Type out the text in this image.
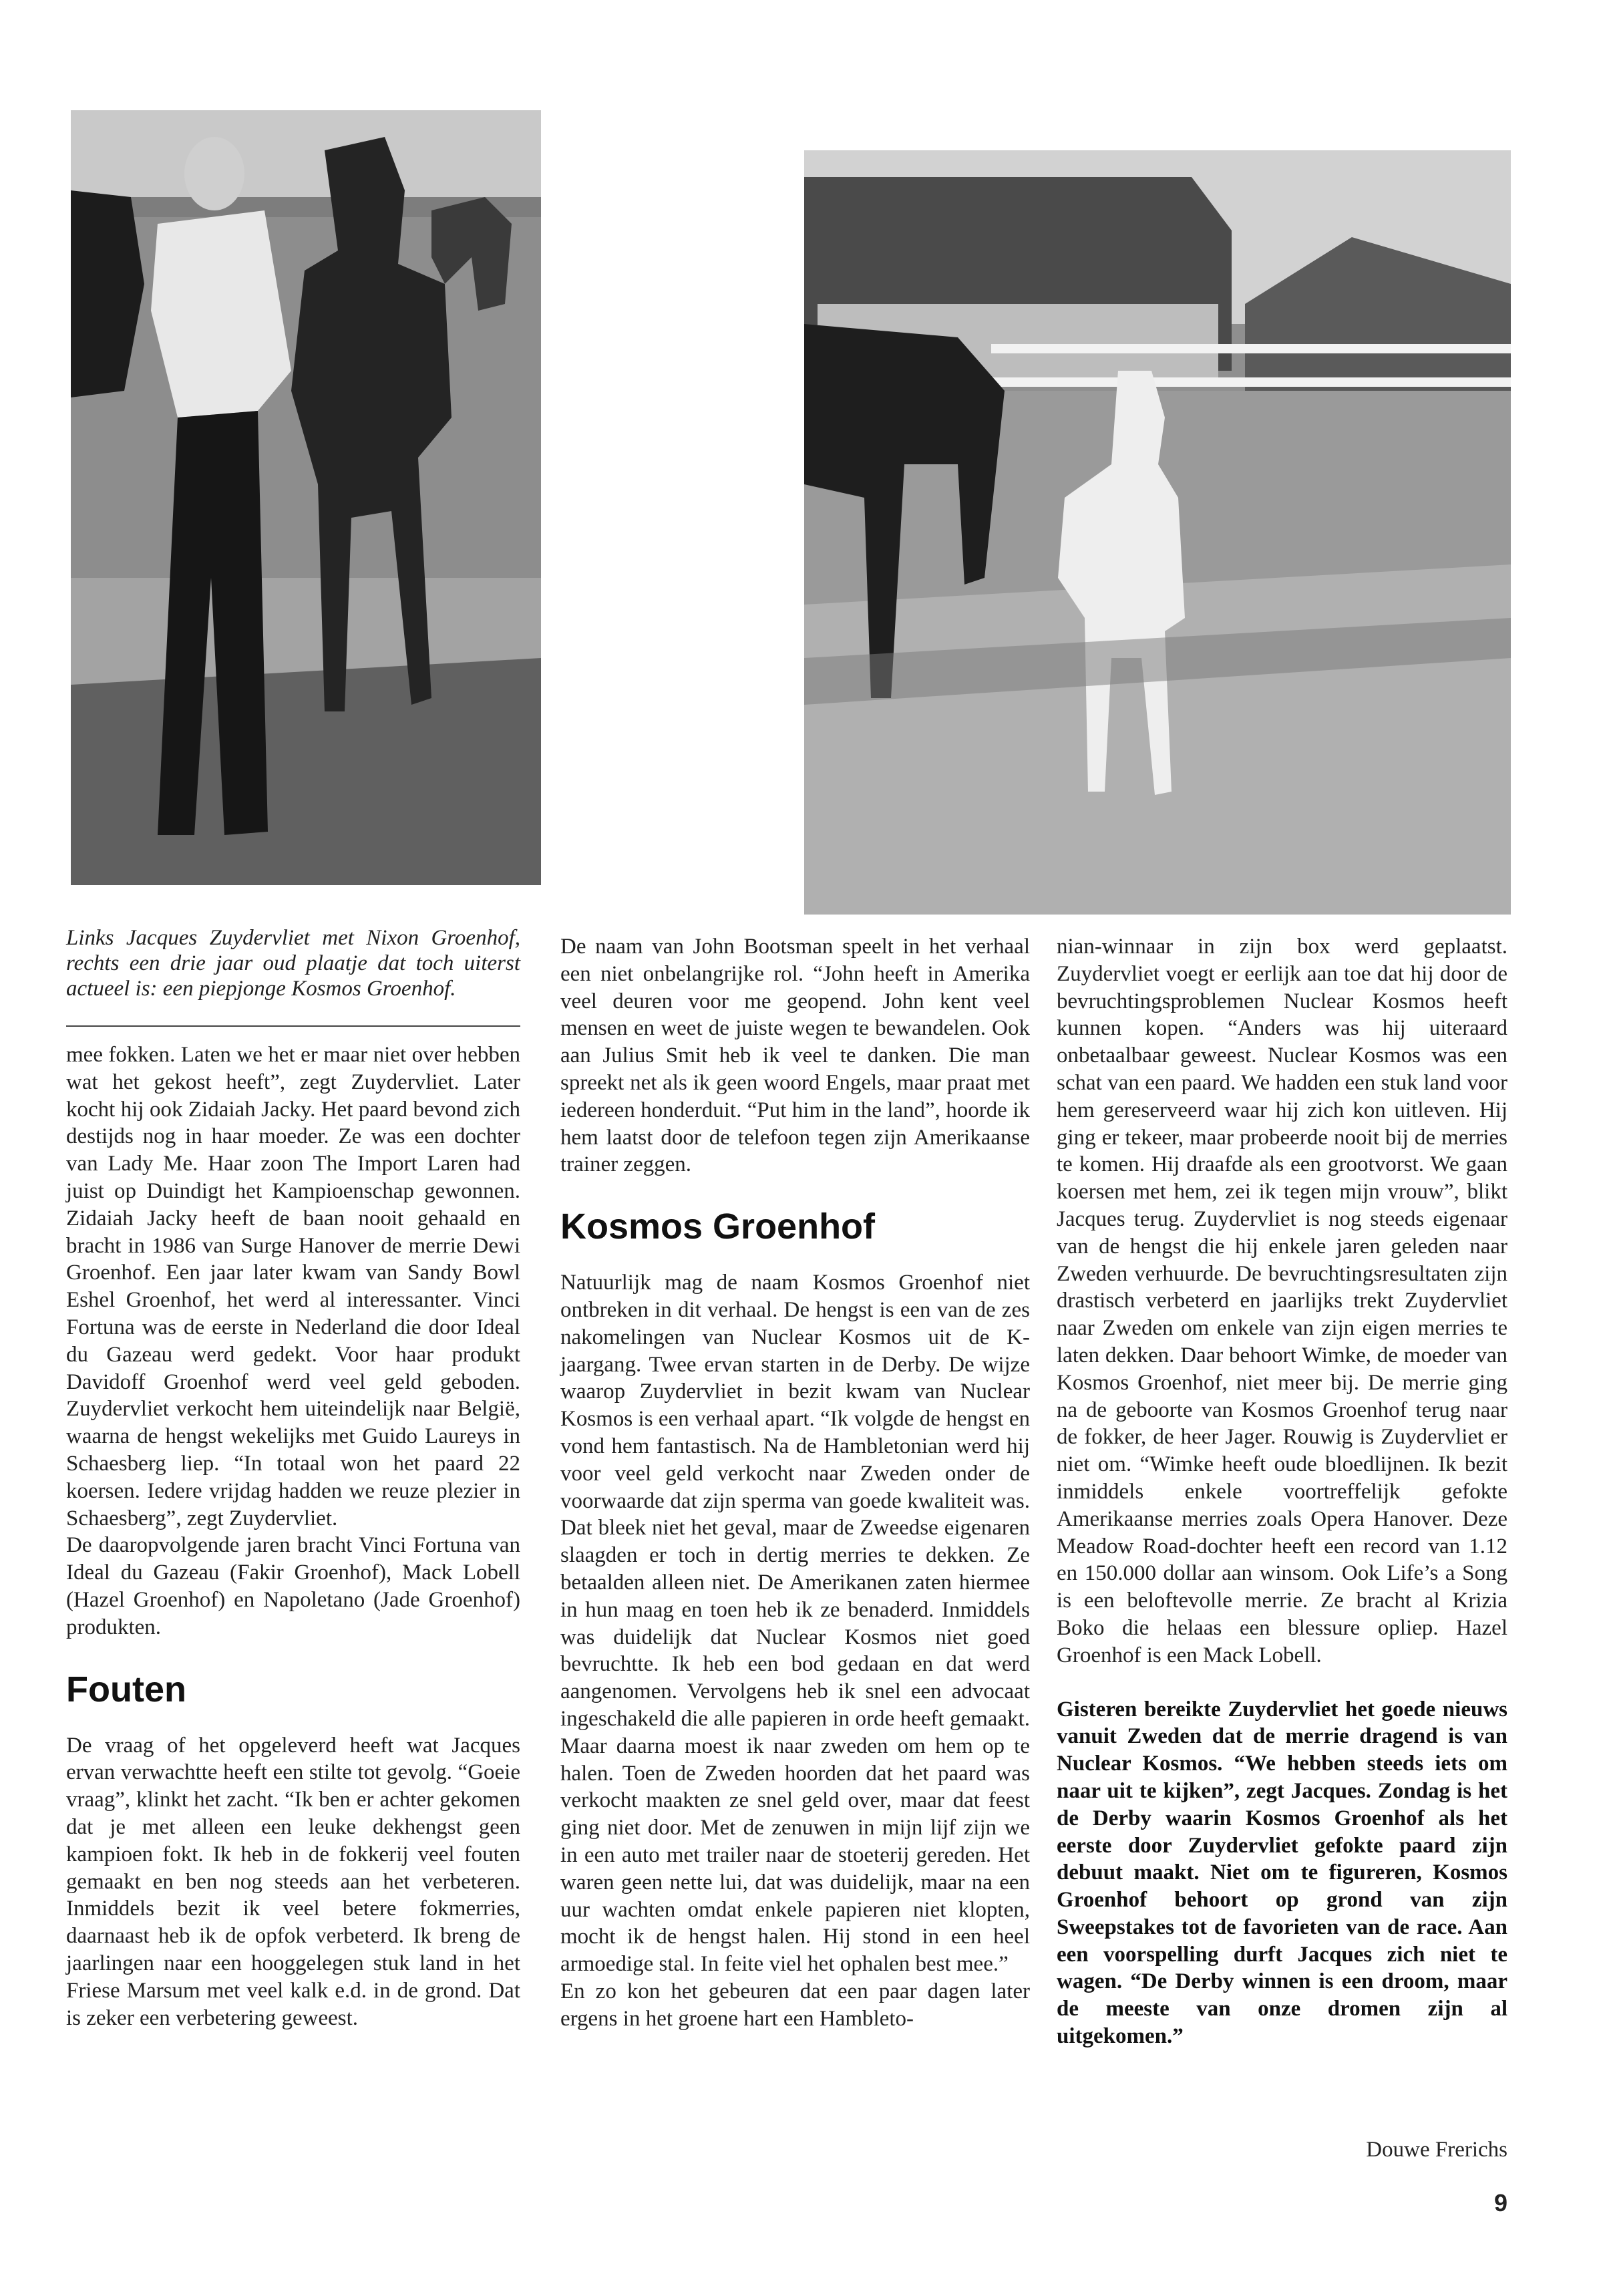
Links Jacques Zuydervliet met Nixon Groenhof, rechts een drie jaar oud plaatje dat toch uiterst actueel is: een piepjonge Kosmos Groenhof.

mee fokken. Laten we het er maar niet over hebben wat het gekost heeft”, zegt Zuydervliet. Later kocht hij ook Zidaiah Jacky. Het paard bevond zich destijds nog in haar moeder. Ze was een dochter van Lady Me. Haar zoon The Import Laren had juist op Duindigt het Kampioenschap gewonnen. Zidaiah Jacky heeft de baan nooit gehaald en bracht in 1986 van Surge Hanover de merrie Dewi Groenhof. Een jaar later kwam van Sandy Bowl Eshel Groenhof, het werd al interessanter. Vinci Fortuna was de eerste in Nederland die door Ideal du Gazeau werd gedekt. Voor haar produkt Davidoff Groenhof werd veel geld geboden. Zuydervliet verkocht hem uiteindelijk naar België, waarna de hengst wekelijks met Guido Laureys in Schaesberg liep. “In totaal won het paard 22 koersen. Iedere vrijdag hadden we reuze plezier in Schaesberg”, zegt Zuydervliet.

De daaropvolgende jaren bracht Vinci Fortuna van Ideal du Gazeau (Fakir Groenhof), Mack Lobell (Hazel Groenhof) en Napoletano (Jade Groenhof) produkten.

Fouten

De vraag of het opgeleverd heeft wat Jacques ervan verwachtte heeft een stilte tot gevolg. “Goeie vraag”, klinkt het zacht. “Ik ben er achter gekomen dat je met alleen een leuke dekhengst geen kampioen fokt. Ik heb in de fokkerij veel fouten gemaakt en ben nog steeds aan het verbeteren. Inmiddels bezit ik veel betere fokmerries, daarnaast heb ik de opfok verbeterd. Ik breng de jaarlingen naar een hooggelegen stuk land in het Friese Marsum met veel kalk e.d. in de grond. Dat is zeker een verbetering geweest.

De naam van John Bootsman speelt in het verhaal een niet onbelangrijke rol. “John heeft in Amerika veel deuren voor me geopend. John kent veel mensen en weet de juiste wegen te bewandelen. Ook aan Julius Smit heb ik veel te danken. Die man spreekt net als ik geen woord Engels, maar praat met iedereen honderduit. “Put him in the land”, hoorde ik hem laatst door de telefoon tegen zijn Amerikaanse trainer zeggen.

Kosmos Groenhof

Natuurlijk mag de naam Kosmos Groenhof niet ontbreken in dit verhaal. De hengst is een van de zes nakomelingen van Nuclear Kosmos uit de K-jaargang. Twee ervan starten in de Derby. De wijze waarop Zuydervliet in bezit kwam van Nuclear Kosmos is een verhaal apart. “Ik volgde de hengst en vond hem fantastisch. Na de Hambletonian werd hij voor veel geld verkocht naar Zweden onder de voorwaarde dat zijn sperma van goede kwaliteit was. Dat bleek niet het geval, maar de Zweedse eigenaren slaagden er toch in dertig merries te dekken. Ze betaalden alleen niet. De Amerikanen zaten hiermee in hun maag en toen heb ik ze benaderd. Inmiddels was duidelijk dat Nuclear Kosmos niet goed bevruchtte. Ik heb een bod gedaan en dat werd aangenomen. Vervolgens heb ik snel een advocaat ingeschakeld die alle papieren in orde heeft gemaakt. Maar daarna moest ik naar zweden om hem op te halen. Toen de Zweden hoorden dat het paard was verkocht maakten ze snel geld over, maar dat feest ging niet door. Met de zenuwen in mijn lijf zijn we in een auto met trailer naar de stoeterij gereden. Het waren geen nette lui, dat was duidelijk, maar na een uur wachten omdat enkele papieren niet klopten, mocht ik de hengst halen. Hij stond in een heel armoedige stal. In feite viel het ophalen best mee.”

En zo kon het gebeuren dat een paar dagen later ergens in het groene hart een Hambleto-

nian-winnaar in zijn box werd geplaatst. Zuydervliet voegt er eerlijk aan toe dat hij door de bevruchtingsproblemen Nuclear Kosmos heeft kunnen kopen. “Anders was hij uiteraard onbetaalbaar geweest. Nuclear Kosmos was een schat van een paard. We hadden een stuk land voor hem gereserveerd waar hij zich kon uitleven. Hij ging er tekeer, maar probeerde nooit bij de merries te komen. Hij draafde als een grootvorst. We gaan koersen met hem, zei ik tegen mijn vrouw”, blikt Jacques terug. Zuydervliet is nog steeds eigenaar van de hengst die hij enkele jaren geleden naar Zweden verhuurde. De bevruchtingsresultaten zijn drastisch verbeterd en jaarlijks trekt Zuydervliet naar Zweden om enkele van zijn eigen merries te laten dekken. Daar behoort Wimke, de moeder van Kosmos Groenhof, niet meer bij. De merrie ging na de geboorte van Kosmos Groenhof terug naar de fokker, de heer Jager. Rouwig is Zuydervliet er niet om. “Wimke heeft oude bloedlijnen. Ik bezit inmiddels enkele voortreffelijk gefokte Amerikaanse merries zoals Opera Hanover. Deze Meadow Road-dochter heeft een record van 1.12 en 150.000 dollar aan winsom. Ook Life’s a Song is een beloftevolle merrie. Ze bracht al Krizia Boko die helaas een blessure opliep. Hazel Groenhof is een Mack Lobell.

Gisteren bereikte Zuydervliet het goede nieuws vanuit Zweden dat de merrie dragend is van Nuclear Kosmos. “We hebben steeds iets om naar uit te kijken”, zegt Jacques. Zondag is het de Derby waarin Kosmos Groenhof als het eerste door Zuydervliet gefokte paard zijn debuut maakt. Niet om te figureren, Kosmos Groenhof behoort op grond van zijn Sweepstakes tot de favorieten van de race. Aan een voorspelling durft Jacques zich niet te wagen. “De Derby winnen is een droom, maar de meeste van onze dromen zijn al uitgekomen.”

Douwe Frerichs
9
